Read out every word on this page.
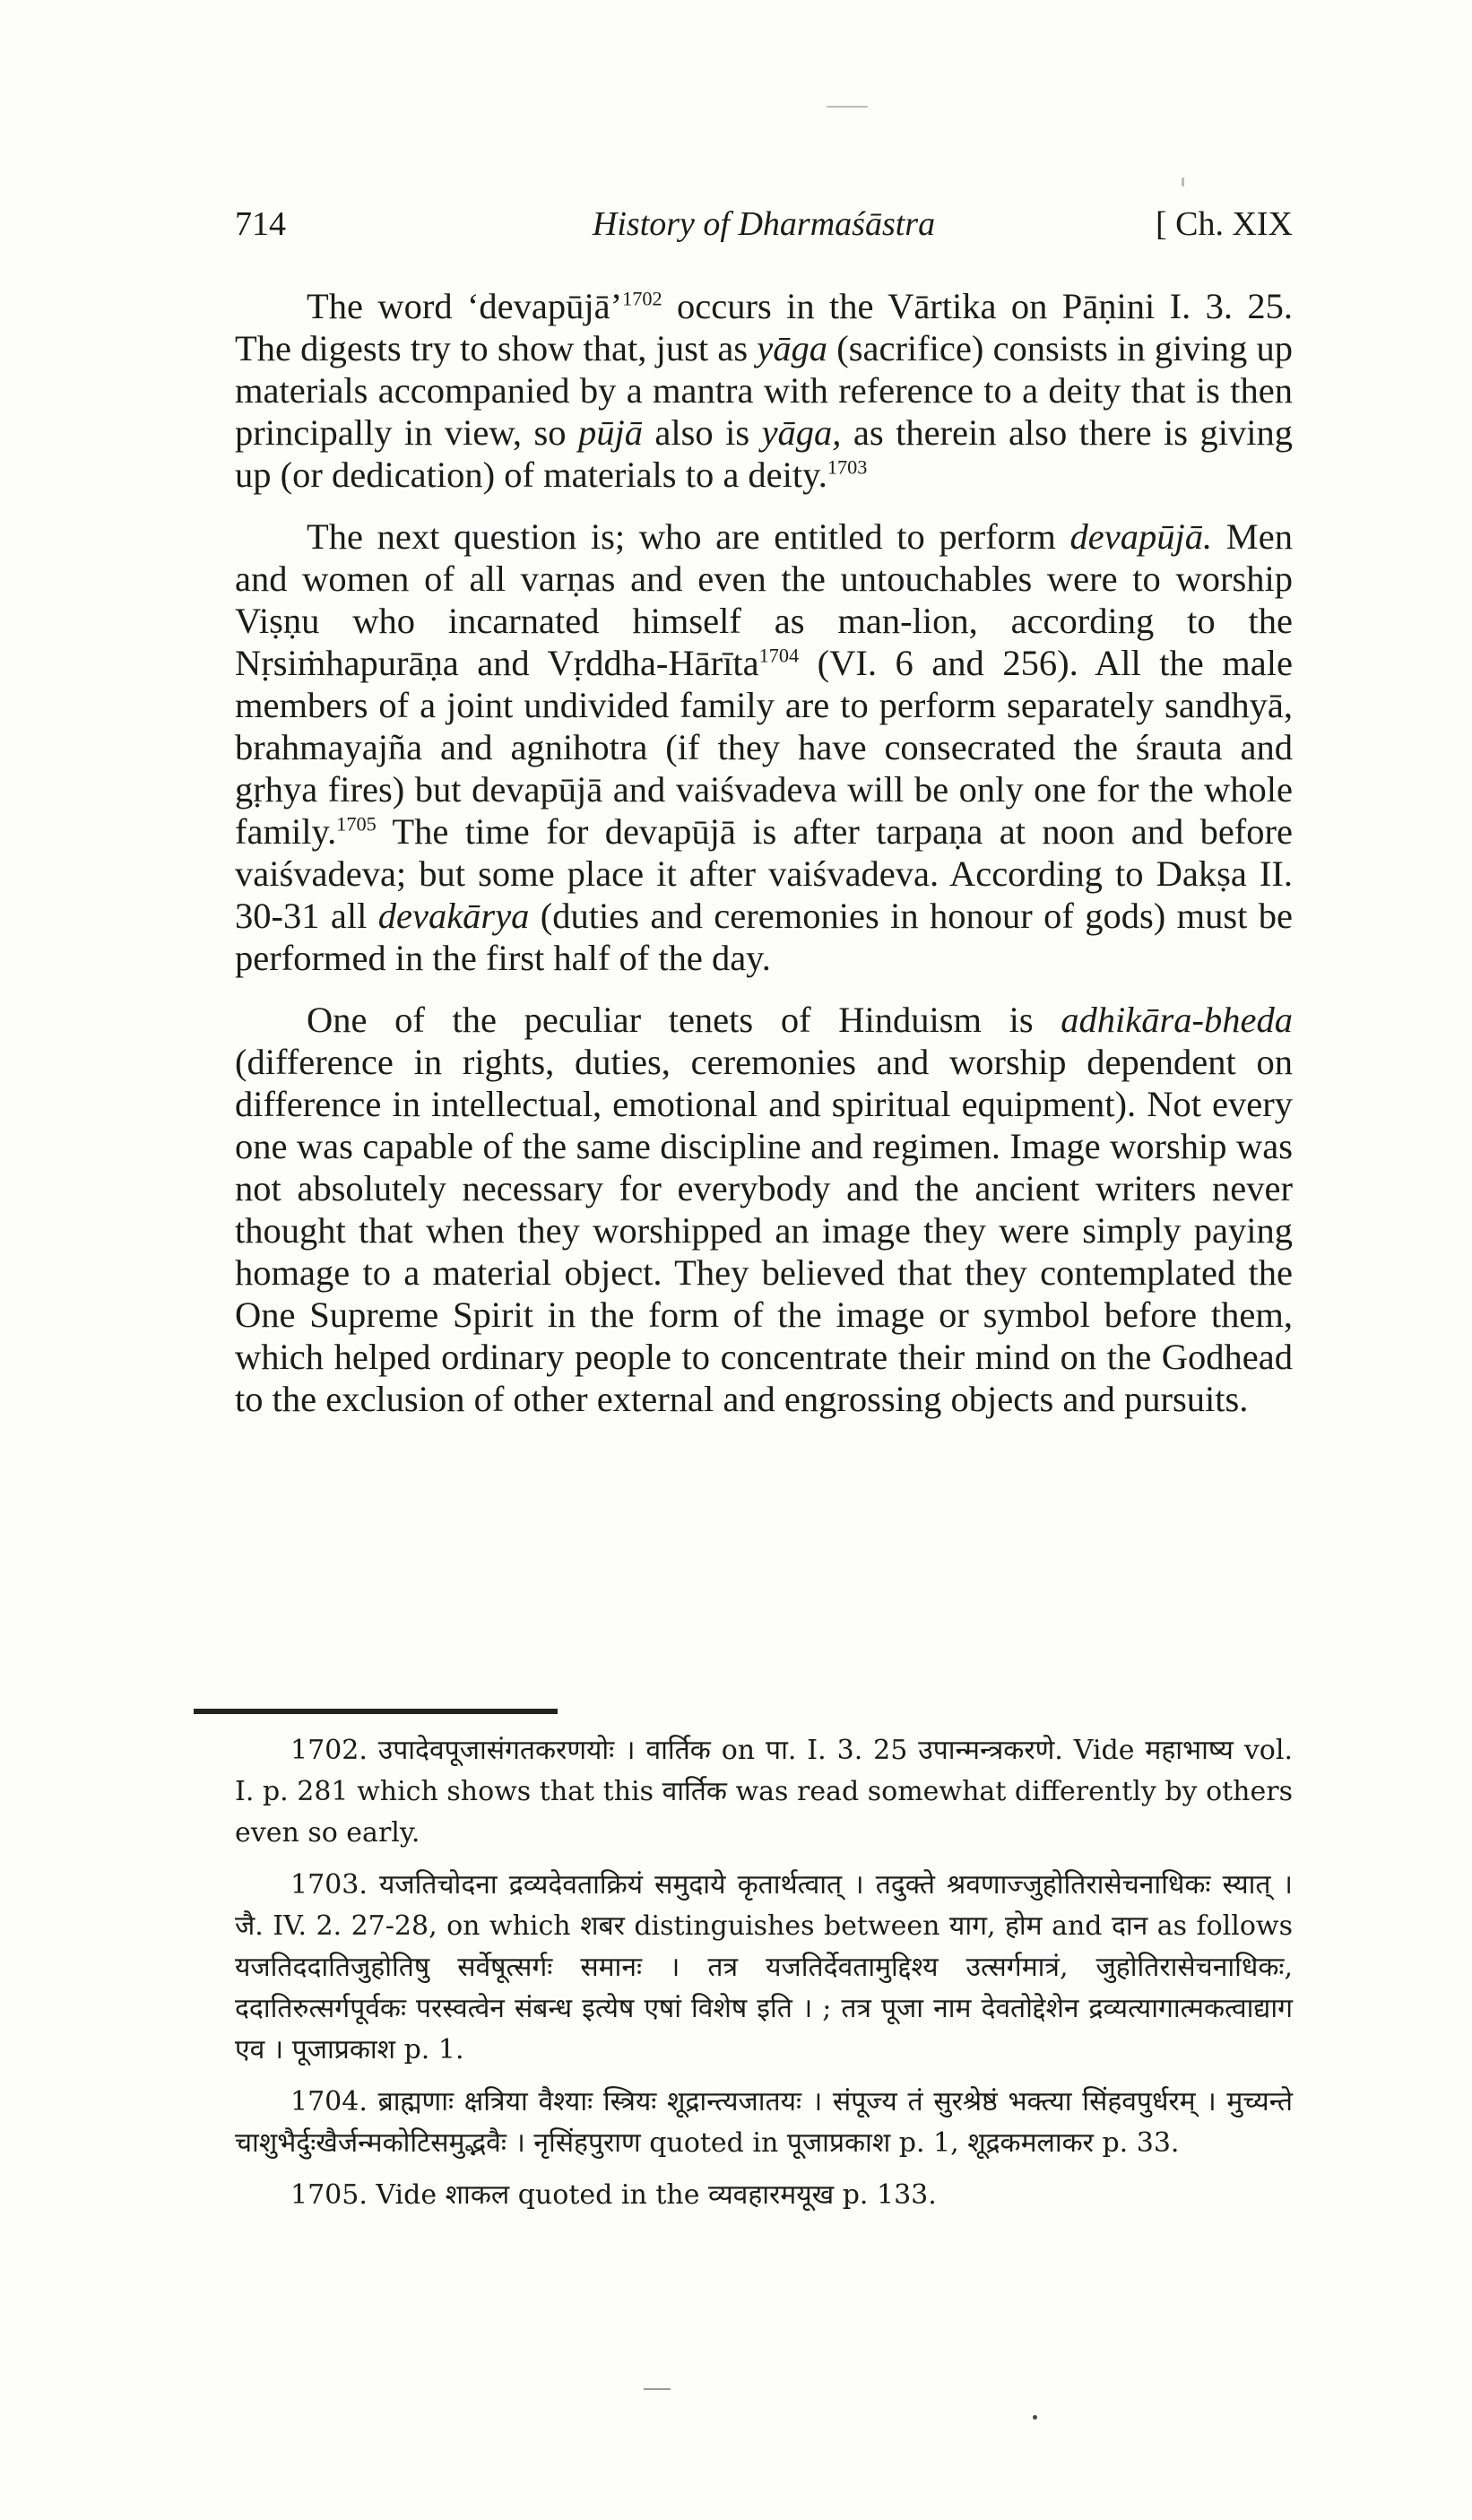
714	History of Dharmaśāstra	[ Ch. XIX

The word ‘devapūjā’$^{1702}$ occurs in the Vārtika on Pāṇini I. 3. 25. The digests try to show that, just as yāga (sacrifice) consists in giving up materials accompanied by a mantra with reference to a deity that is then principally in view, so pūjā also is yāga, as therein also there is giving up (or dedication) of materials to a deity.$^{1703}$

The next question is; who are entitled to perform devapūjā. Men and women of all varṇas and even the untouchables were to worship Viṣṇu who incarnated himself as man-lion, according to the Nṛsiṁhapurāṇa and Vṛddha-Hārīta$^{1704}$ (VI. 6 and 256). All the male members of a joint undivided family are to perform separately sandhyā, brahmayajña and agnihotra (if they have consecrated the śrauta and gṛhya fires) but devapūjā and vaiśvadeva will be only one for the whole family.$^{1705}$ The time for devapūjā is after tarpaṇa at noon and before vaiśvadeva; but some place it after vaiśvadeva. According to Dakṣa II. 30-31 all devakārya (duties and ceremonies in honour of gods) must be performed in the first half of the day.

One of the peculiar tenets of Hinduism is adhikāra-bheda (difference in rights, duties, ceremonies and worship dependent on difference in intellectual, emotional and spiritual equipment). Not every one was capable of the same discipline and regimen. Image worship was not absolutely necessary for everybody and the ancient writers never thought that when they worshipped an image they were simply paying homage to a material object. They believed that they contemplated the One Supreme Spirit in the form of the image or symbol before them, which helped ordinary people to concentrate their mind on the Godhead to the exclusion of other external and engrossing objects and pursuits.

1702. उपादेवपूजासंगतकरणयोः । वार्तिक on पा. I. 3. 25 उपान्मन्त्रकरणे. Vide महाभाष्य vol. I. p. 281 which shows that this वार्तिक was read somewhat differently by others even so early.

1703. यजतिचोदना द्रव्यदेवताक्रियं समुदाये कृतार्थत्वात् । तदुक्ते श्रवणाज्जुहोतिरासेचनाधिकः स्यात् । जै. IV. 2. 27-28, on which शबर distinguishes between याग, होम and दान as follows यजतिददातिजुहोतिषु सर्वेषूत्सर्गः समानः । तत्र यजतिर्देवतामुद्दिश्य उत्सर्गमात्रं, जुहोतिरासेचनाधिकः, ददातिरुत्सर्गपूर्वकः परस्वत्वेन संबन्ध इत्येष एषां विशेष इति । ; तत्र पूजा नाम देवतोद्देशेन द्रव्यत्यागात्मकत्वाद्याग एव । पूजाप्रकाश p. 1.

1704. ब्राह्मणाः क्षत्रिया वैश्याः स्त्रियः शूद्रान्त्यजातयः । संपूज्य तं सुरश्रेष्ठं भक्त्या सिंहवपुर्धरम् । मुच्यन्ते चाशुभैर्दुःखैर्जन्मकोटिसमुद्भवैः । नृसिंहपुराण quoted in पूजाप्रकाश p. 1, शूद्रकमलाकर p. 33.

1705. Vide शाकल quoted in the व्यवहारमयूख p. 133.
